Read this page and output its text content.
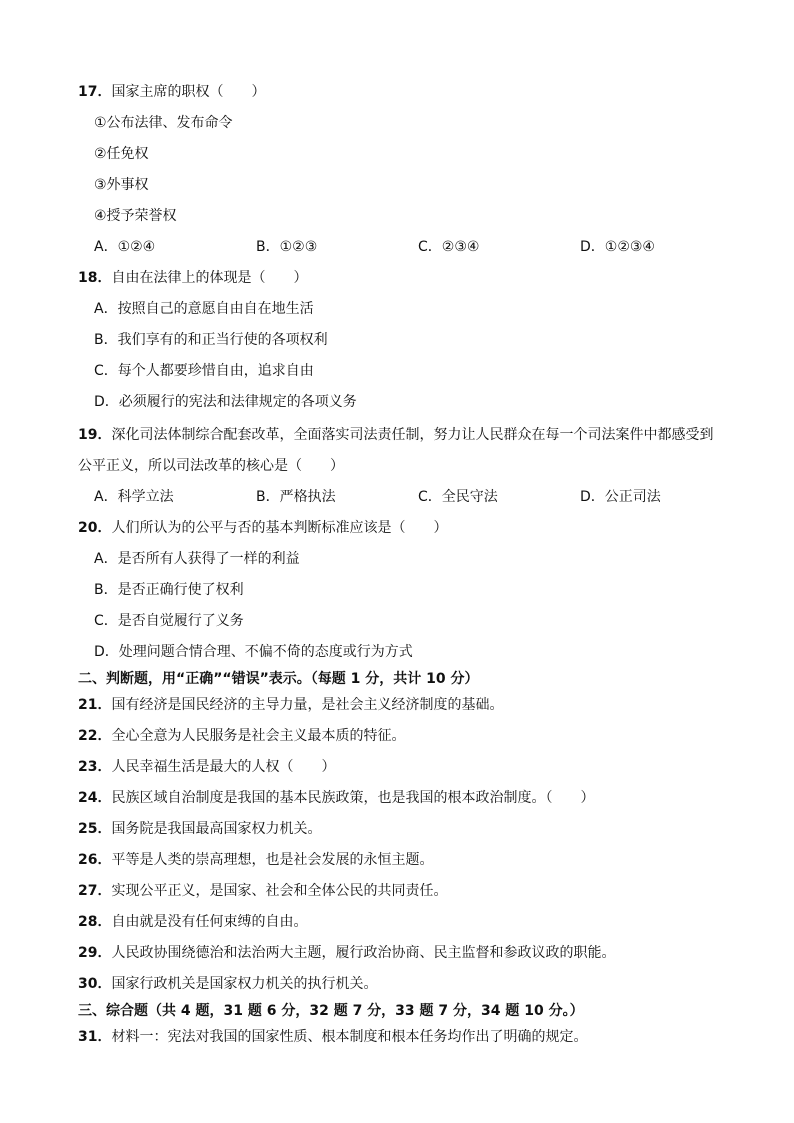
17．国家主席的职权（　　）
①公布法律、发布命令
②任免权
③外事权
④授予荣誉权
A．①②④	B．①②③	C．②③④	D．①②③④
18．自由在法律上的体现是（　　）
A．按照自己的意愿自由自在地生活
B．我们享有的和正当行使的各项权利
C．每个人都要珍惜自由，追求自由
D．必须履行的宪法和法律规定的各项义务
19．深化司法体制综合配套改革，全面落实司法责任制，努力让人民群众在每一个司法案件中都感受到
公平正义，所以司法改革的核心是（　　）
A．科学立法	B．严格执法	C．全民守法	D．公正司法
20．人们所认为的公平与否的基本判断标准应该是（　　）
A．是否所有人获得了一样的利益
B．是否正确行使了权利
C．是否自觉履行了义务
D．处理问题合情合理、不偏不倚的态度或行为方式
二、判断题，用“正确”“错误”表示。（每题 1 分，共计 10 分）
21．国有经济是国民经济的主导力量，是社会主义经济制度的基础。
22．全心全意为人民服务是社会主义最本质的特征。
23．人民幸福生活是最大的人权（　　）
24．民族区域自治制度是我国的基本民族政策，也是我国的根本政治制度。（　　）
25．国务院是我国最高国家权力机关。
26．平等是人类的崇高理想，也是社会发展的永恒主题。
27．实现公平正义，是国家、社会和全体公民的共同责任。
28．自由就是没有任何束缚的自由。
29．人民政协围绕德治和法治两大主题，履行政治协商、民主监督和参政议政的职能。
30．国家行政机关是国家权力机关的执行机关。
三、综合题（共 4 题，31 题 6 分，32 题 7 分，33 题 7 分，34 题 10 分。）
31．材料一：宪法对我国的国家性质、根本制度和根本任务均作出了明确的规定。
